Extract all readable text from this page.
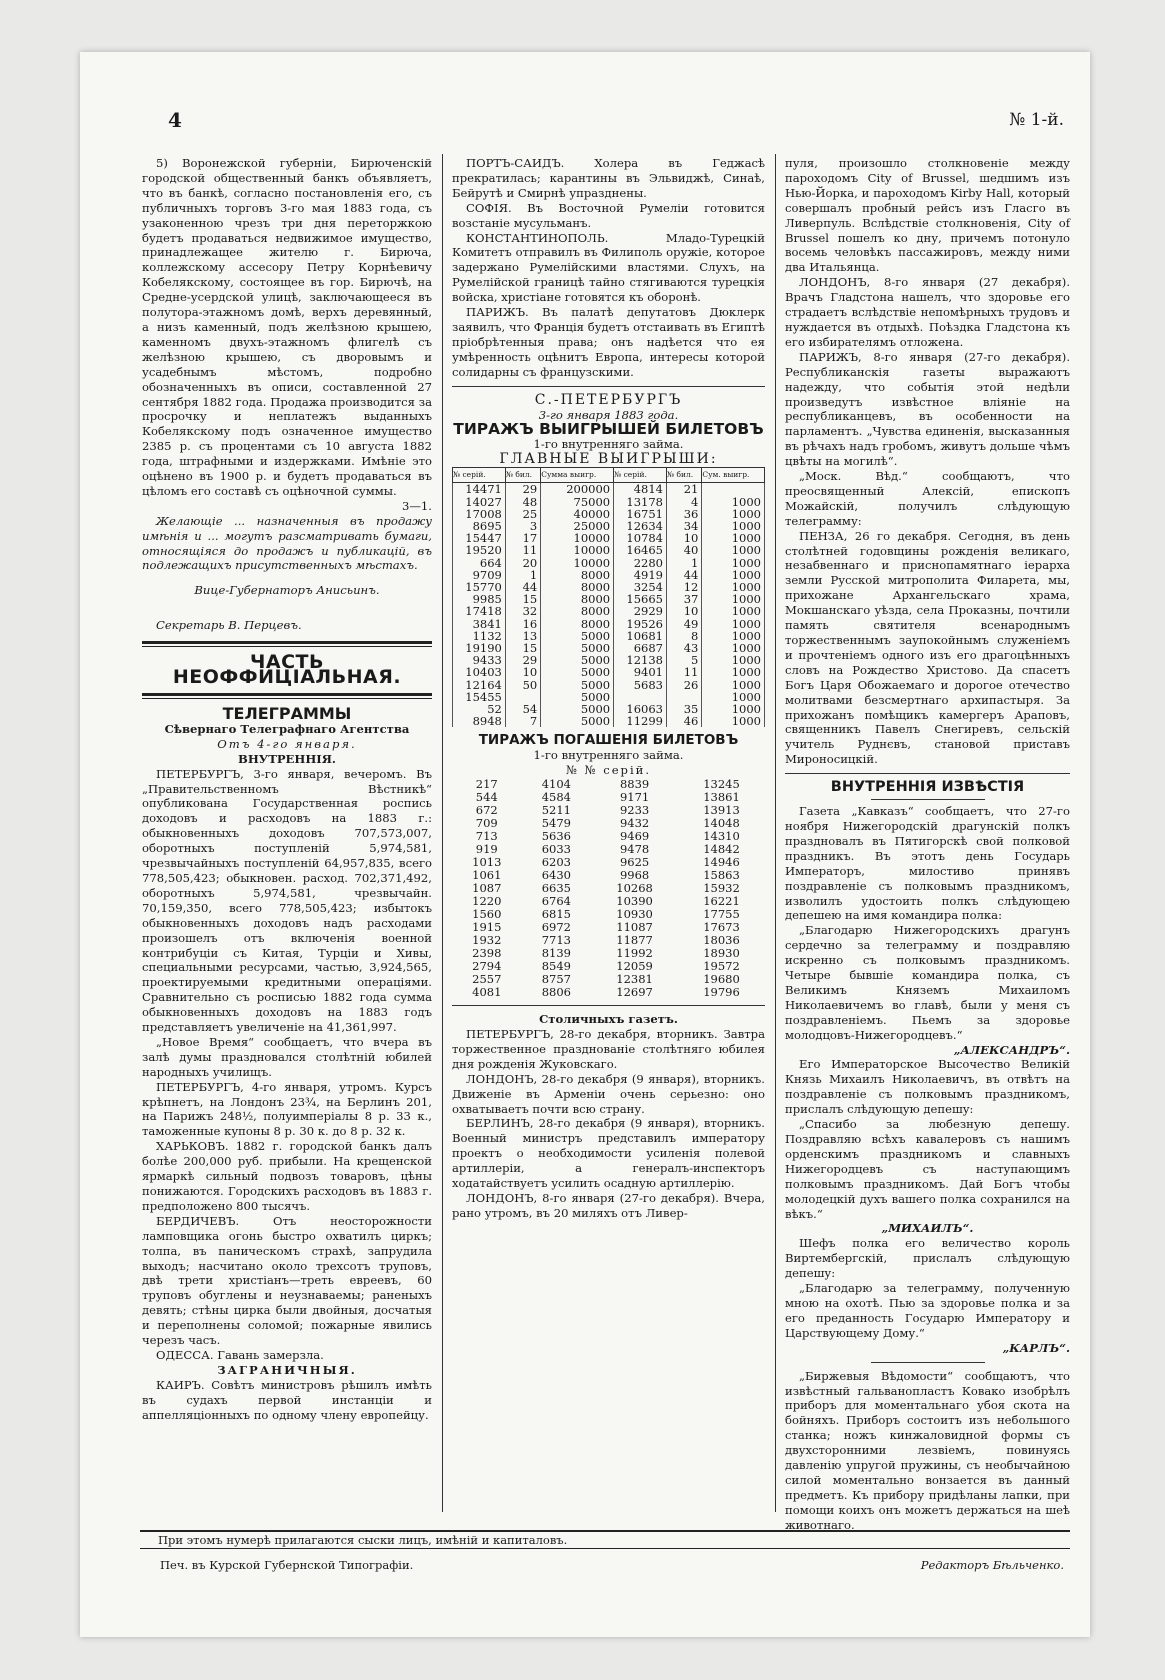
4	№ 1-й.

5) Воронежской губерніи, Бирюченскій городской общественный банкъ объявляетъ, что въ банкѣ, согласно постановленія его, съ публичныхъ торговъ 3-го мая 1883 года, съ узаконенною чрезъ три дня переторжкою будетъ продаваться недвижимое имущество, принадлежащее жителю г. Бирюча, коллежскому ассесору Петру Корнѣевичу Кобелякскому, состоящее въ гор. Бирючѣ, на Средне-усердской улицѣ, заключающееся въ полуторa-этажномъ домѣ, верхъ деревянный, а низъ каменный, подъ желѣзною крышею, каменномъ двухъ-этажномъ флигелѣ съ желѣзною крышею, съ дворовымъ и усадебнымъ мѣстомъ, подробно обозначенныхъ въ описи, составленной 27 сентября 1882 года. Продажа производится за просрочку и неплатежъ выданныхъ Кобелякскому подъ означенное имущество 2385 р. съ процентами съ 10 августа 1882 года, штрафными и издержками. Имѣніе это оцѣнено въ 1900 р. и будетъ продаваться въ цѣломъ его составѣ съ оцѣночной суммы.

3—1.

Желающіе ... назначенныя въ продажу имѣнія и ... могутъ разсматривать бумаги, относящіяся до продажъ и публикацій, въ подлежащихъ присутственныхъ мѣстахъ.

Вице-Губернаторъ Анисьинъ.

Секретарь В. Перцевъ.

ЧАСТЬ НЕОФФИЦІАЛЬНАЯ.
ТЕЛЕГРАММЫ

Сѣвернаго Телеграфнаго Агентства

Отъ 4-го января.

ВНУТРЕННІЯ.

ПЕТЕРБУРГЪ, 3-го января, вечеромъ. Въ „Правительственномъ Вѣстникѣ“ опубликована Государственная роспись доходовъ и расходовъ на 1883 г.: обыкновенныхъ доходовъ 707,573,007, оборотныхъ поступленій 5,974,581, чрезвычайныхъ поступленій 64,957,835, всего 778,505,423; обыкновен. расход. 702,371,492, оборотныхъ 5,974,581, чрезвычайн. 70,159,350, всего 778,505,423; избытокъ обыкновенныхъ доходовъ надъ расходами произошелъ отъ включенія военной контрибуціи съ Китая, Турціи и Хивы, специальными ресурсами, частью, 3,924,565, проектируемыми кредитными операціями. Сравнительно съ росписью 1882 года сумма обыкновенныхъ доходовъ на 1883 годъ представляетъ увеличеніе на 41,361,997.

„Новое Время“ сообщаетъ, что вчера въ залѣ думы праздновался столѣтній юбилей народныхъ училищъ.

ПЕТЕРБУРГЪ, 4-го января, утромъ. Курсъ крѣпнетъ, на Лондонъ 23¾, на Берлинъ 201, на Парижъ 248½, полуимперіалы 8 р. 33 к., таможенные купоны 8 р. 30 к. до 8 р. 32 к.

ХАРЬКОВЪ. 1882 г. городской банкъ далъ болѣе 200,000 руб. прибыли. На крещенской ярмаркѣ сильный подвозъ товаровъ, цѣны понижаются. Городскихъ расходовъ въ 1883 г. предположено 800 тысячъ.

БЕРДИЧЕВЪ. Отъ неосторожности ламповщика огонь быстро охватилъ циркъ; толпа, въ паническомъ страхѣ, запрудила выходъ; насчитано около трехсотъ труповъ, двѣ трети христіанъ—треть евреевъ, 60 труповъ обуглены и неузнаваемы; раненыхъ девять; стѣны цирка были двойныя, досчатыя и переполнены соломой; пожарные явились черезъ часъ.

ОДЕССА. Гавань замерзла.

ЗАГРАНИЧНЫЯ.

КАИРЪ. Совѣтъ министровъ рѣшилъ имѣть въ судахъ первой инстанціи и аппелляціонныхъ по одному члену европейцу.

ПОРТЪ-САИДЪ. Холера въ Геджасѣ прекратилась; карантины въ Эльвиджѣ, Синаѣ, Бейрутѣ и Смирнѣ упразднены.

СОФІЯ. Въ Восточной Румеліи готовится возстаніе мусульманъ.

КОНСТАНТИНОПОЛЬ. Младо-Турецкій Комитетъ отправилъ въ Филиполь оружіе, которое задержано Румелійскими властями. Слухъ, на Румелійской границѣ тайно стягиваются турецкія войска, христiане готовятся къ оборонѣ.

ПАРИЖЪ. Въ палатѣ депутатовъ Дюклерк заявилъ, что Франція будетъ отстаивать въ Египтѣ пріобрѣтенныя права; онъ надѣется что ея умѣренность оцѣнитъ Европа, интересы которой солидарны съ французскими.

С.-ПЕТЕРБУРГЪ

3-го января 1883 года.

ТИРАЖЪ ВЫИГРЫШЕЙ БИЛЕТОВЪ

1-го внутренняго займа.

ГЛАВНЫЕ ВЫИГРЫШИ:

№ серій.	№ бил.	Сумма выигр.	№ серій.	№ бил.	Сум. выигр.
14471	29	200000	4814	21	
14027	48	75000	13178	4	1000
17008	25	40000	16751	36	1000
8695	3	25000	12634	34	1000
15447	17	10000	10784	10	1000
19520	11	10000	16465	40	1000
664	20	10000	2280	1	1000
9709	1	8000	4919	44	1000
15770	44	8000	3254	12	1000
9985	15	8000	15665	37	1000
17418	32	8000	2929	10	1000
3841	16	8000	19526	49	1000
1132	13	5000	10681	8	1000
19190	15	5000	6687	43	1000
9433	29	5000	12138	5	1000
10403	10	5000	9401	11	1000
12164	50	5000	5683	26	1000
15455		5000			1000
52	54	5000	16063	35	1000
8948	7	5000	11299	46	1000
ТИРАЖЪ ПОГАШЕНІЯ БИЛЕТОВЪ

1-го внутренняго займа.

№ № серій.

217	4104	8839	13245
544	4584	9171	13861
672	5211	9233	13913
709	5479	9432	14048
713	5636	9469	14310
919	6033	9478	14842
1013	6203	9625	14946
1061	6430	9968	15863
1087	6635	10268	15932
1220	6764	10390	16221
1560	6815	10930	17755
1915	6972	11087	17673
1932	7713	11877	18036
2398	8139	11992	18930
2794	8549	12059	19572
2557	8757	12381	19680
4081	8806	12697	19796

Столичныхъ газетъ.

ПЕТЕРБУРГЪ, 28-го декабря, вторникъ. Завтра торжественное празднованіе столѣтняго юбилея дня рожденія Жуковскаго.

ЛОНДОНЪ, 28-го декабря (9 января), вторникъ. Движеніе въ Арменіи очень серьезно: оно охватываетъ почти всю страну.

БЕРЛИНЪ, 28-го декабря (9 января), вторникъ. Военный министръ представилъ императору проектъ о необходимости усиленія полевой артиллеріи, а генералъ-инспекторъ ходатайствуетъ усилить осадную артиллерію.

ЛОНДОНЪ, 8-го января (27-го декабря). Вчера, рано утромъ, въ 20 миляхъ отъ Ливер-

пуля, произошло столкновеніе между пароходомъ City of Brussel, шедшимъ изъ Нью-Йорка, и пароходомъ Kirby Hall, который совершалъ пробный рейсъ изъ Гласго въ Ливерпуль. Вслѣдствіе столкновенія, City of Brussel пошелъ ко дну, причемъ потонуло восемь человѣкъ пассажировъ, между ними два Итальянца.

ЛОНДОНЪ, 8-го января (27 декабря). Врачъ Гладстона нашелъ, что здоровье его страдаетъ вслѣдствіе непомѣрныхъ трудовъ и нуждается въ отдыхѣ. Поѣздка Гладстона къ его избирателямъ отложена.

ПАРИЖЪ, 8-го января (27-го декабря). Республиканскія газеты выражаютъ надежду, что событія этой недѣли произведутъ извѣстное вліяніе на республиканцевъ, въ особенности на парламентъ. „Чувства единенія, высказанныя въ рѣчахъ надъ гробомъ, живутъ дольше чѣмъ цвѣты на могилѣ“.

„Моск. Вѣд.“ сообщаютъ, что преосвященный Алексій, епископъ Можайскій, получилъ слѣдующую телеграмму:

ПЕНЗА, 26 го декабря. Сегодня, въ день столѣтней годовщины рожденія великаго, незабвеннаго и приснопамятнаго іерарха земли Русской митрополита Филарета, мы, прихожане Архангельскаго храма, Мокшанскаго уѣзда, села Проказны, почтили память святителя всенароднымъ торжественнымъ заупокойнымъ служеніемъ и прочтеніемъ одного изъ его драгоцѣнныхъ словъ на Рождество Христово. Да спасетъ Богъ Царя Обожаемаго и дорогое отечество молитвами безсмертнаго архипастыря. За прихожанъ помѣщикъ камергеръ Араповъ, священникъ Павелъ Снегиревъ, сельскій учитель Руднєвъ, становой приставъ Мироносицкій.

ВНУТРЕННІЯ ИЗВѢСТІЯ

Газета „Кавказъ“ сообщаетъ, что 27-го ноября Нижегородскій драгунскій полкъ праздновалъ въ Пятигорскѣ свой полковой праздникъ. Въ этотъ день Государь Императоръ, милостиво принявъ поздравленіе съ полковымъ праздникомъ, изволилъ удостоить полкъ слѣдующею депешею на имя командира полка:

„Благодарю Нижегородскихъ драгунъ сердечно за телеграмму и поздравляю искренно съ полковымъ праздникомъ. Четыре бывшіе командира полка, съ Великимъ Княземъ Михаиломъ Николаевичемъ во главѣ, были у меня съ поздравленіемъ. Пьемъ за здоровье молодцовъ-Нижегородцевъ.“

„АЛЕКСАНДРЪ“.

Его Императорское Высочество Великій Князь Михаилъ Николаевичъ, въ отвѣтъ на поздравленіе съ полковымъ праздникомъ, прислалъ слѣдующую депешу:

„Спасибо за любезную депешу. Поздравляю всѣхъ кавалеровъ съ нашимъ орденскимъ праздникомъ и славныхъ Нижегородцевъ съ наступающимъ полковымъ праздникомъ. Дай Богъ чтобы молодецкій духъ вашего полка сохранился на вѣкъ.“

„МИХАИЛЪ“.

Шефъ полка его величество король Виртембергскій, прислалъ слѣдующую депешу:

„Благодарю за телеграмму, полученную мною на охотѣ. Пью за здоровье полка и за его преданность Государю Императору и Царствующему Дому.“

„КАРЛЪ“.

„Биржевыя Вѣдомости“ сообщаютъ, что извѣстный гальванопластъ Ковако изобрѣлъ приборъ для моментальнаго убоя скота на бойняхъ. Приборъ состоитъ изъ небольшого станка; ножъ кинжаловидной формы съ двухсторонними лезвіемъ, повинуясь давленію упругой пружины, съ необычайною силой моментально вонзается въ данный предметъ. Къ прибору придѣланы лапки, при помощи коихъ онъ можетъ держаться на шеѣ животнаго.

При этомъ нумерѣ прилагаются сыски лицъ, имѣній и капиталовъ.
Печ. въ Курской Губернской Типографіи.	Редакторъ Бѣльченко.
